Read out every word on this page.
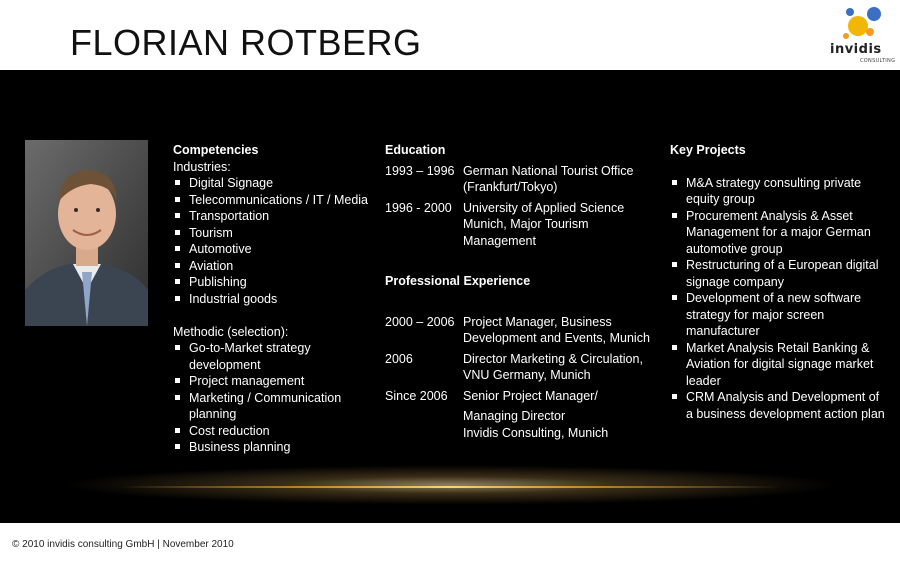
FLORIAN ROTBERG	invidis
CONSULTING
Competencies
Industries:
Digital Signage
Telecommunications / IT / Media
Transportation
Tourism
Automotive
Aviation
Publishing
Industrial goods
Methodic (selection):
Go-to-Market strategy development
Project management
Marketing / Communication planning
Cost reduction
Business planning
Education
1993 – 1996 German National Tourist Office (Frankfurt/Tokyo)
1996 - 2000 University of Applied Science Munich, Major Tourism Management
Professional Experience
2000 – 2006 Project Manager, Business Development and Events, Munich
2006	Director Marketing & Circulation, VNU Germany, Munich
Since 2006	Senior Project Manager/
Managing Director
Invidis Consulting, Munich
Key Projects
M&A strategy consulting private equity group
Procurement Analysis & Asset Management for a major German automotive group
Restructuring of a European digital signage company
Development of a new software strategy for major screen manufacturer
Market Analysis Retail Banking & Aviation for digital signage market leader
CRM Analysis and Development of a business development action plan
© 2010 invidis consulting GmbH | November 2010
